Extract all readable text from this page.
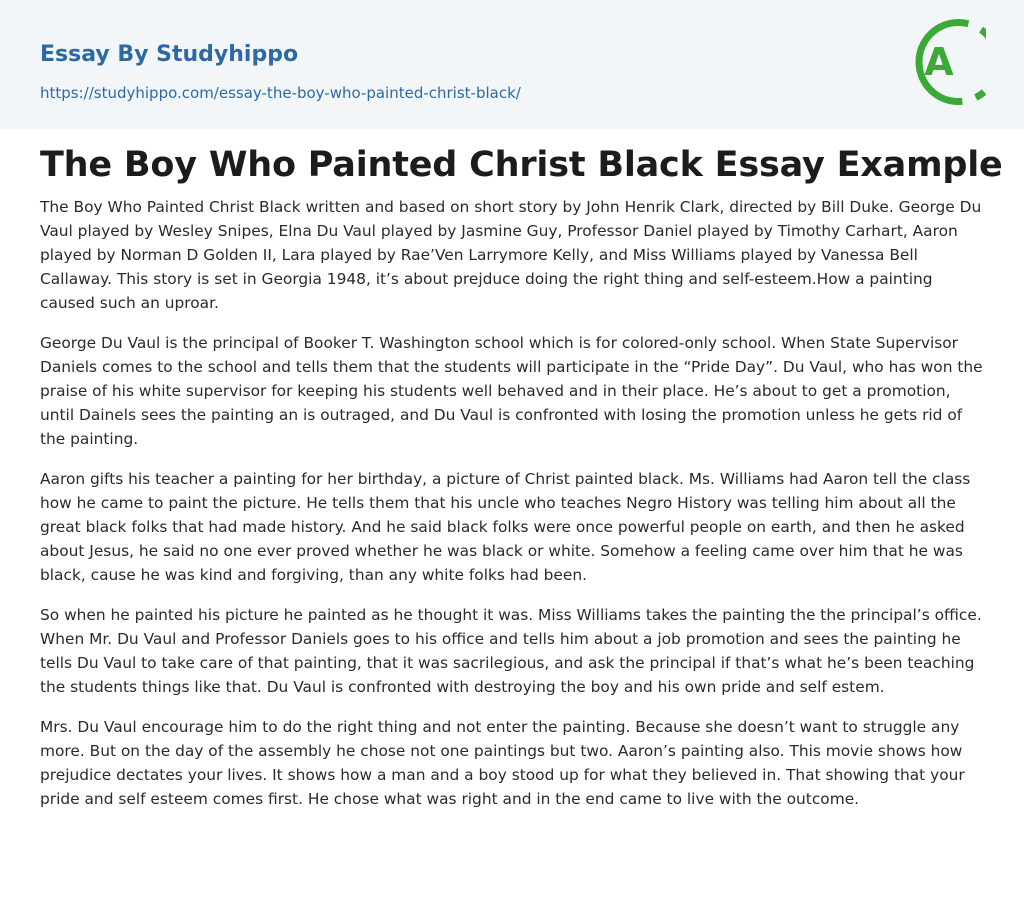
Essay By Studyhippo
https://studyhippo.com/essay-the-boy-who-painted-christ-black/
A
The Boy Who Painted Christ Black Essay Example

The Boy Who Painted Christ Black written and based on short story by John Henrik Clark, directed by Bill Duke. George Du Vaul played by Wesley Snipes, Elna Du Vaul played by Jasmine Guy, Professor Daniel played by Timothy Carhart, Aaron played by Norman D Golden II, Lara played by Rae’Ven Larrymore Kelly, and Miss Williams played by Vanessa Bell Callaway. This story is set in Georgia 1948, it’s about prejduce doing the right thing and self-esteem.How a painting caused such an uproar.

George Du Vaul is the principal of Booker T. Washington school which is for colored-only school. When State Supervisor Daniels comes to the school and tells them that the students will participate in the “Pride Day”. Du Vaul, who has won the praise of his white supervisor for keeping his students well behaved and in their place. He’s about to get a promotion, until Dainels sees the painting an is outraged, and Du Vaul is confronted with losing the promotion unless he gets rid of the painting.

Aaron gifts his teacher a painting for her birthday, a picture of Christ painted black. Ms. Williams had Aaron tell the class how he came to paint the picture. He tells them that his uncle who teaches Negro History was telling him about all the great black folks that had made history. And he said black folks were once powerful people on earth, and then he asked about Jesus, he said no one ever proved whether he was black or white. Somehow a feeling came over him that he was black, cause he was kind and forgiving, than any white folks had been.

So when he painted his picture he painted as he thought it was. Miss Williams takes the painting the the principal’s office. When Mr. Du Vaul and Professor Daniels goes to his office and tells him about a job promotion and sees the painting he tells Du Vaul to take care of that painting, that it was sacrilegious, and ask the principal if that’s what he’s been teaching the students things like that. Du Vaul is confronted with destroying the boy and his own pride and self estem.

Mrs. Du Vaul encourage him to do the right thing and not enter the painting. Because she doesn’t want to struggle any more. But on the day of the assembly he chose not one paintings but two. Aaron’s painting also. This movie shows how prejudice dectates your lives. It shows how a man and a boy stood up for what they believed in. That showing that your pride and self esteem comes first. He chose what was right and in the end came to live with the outcome.
